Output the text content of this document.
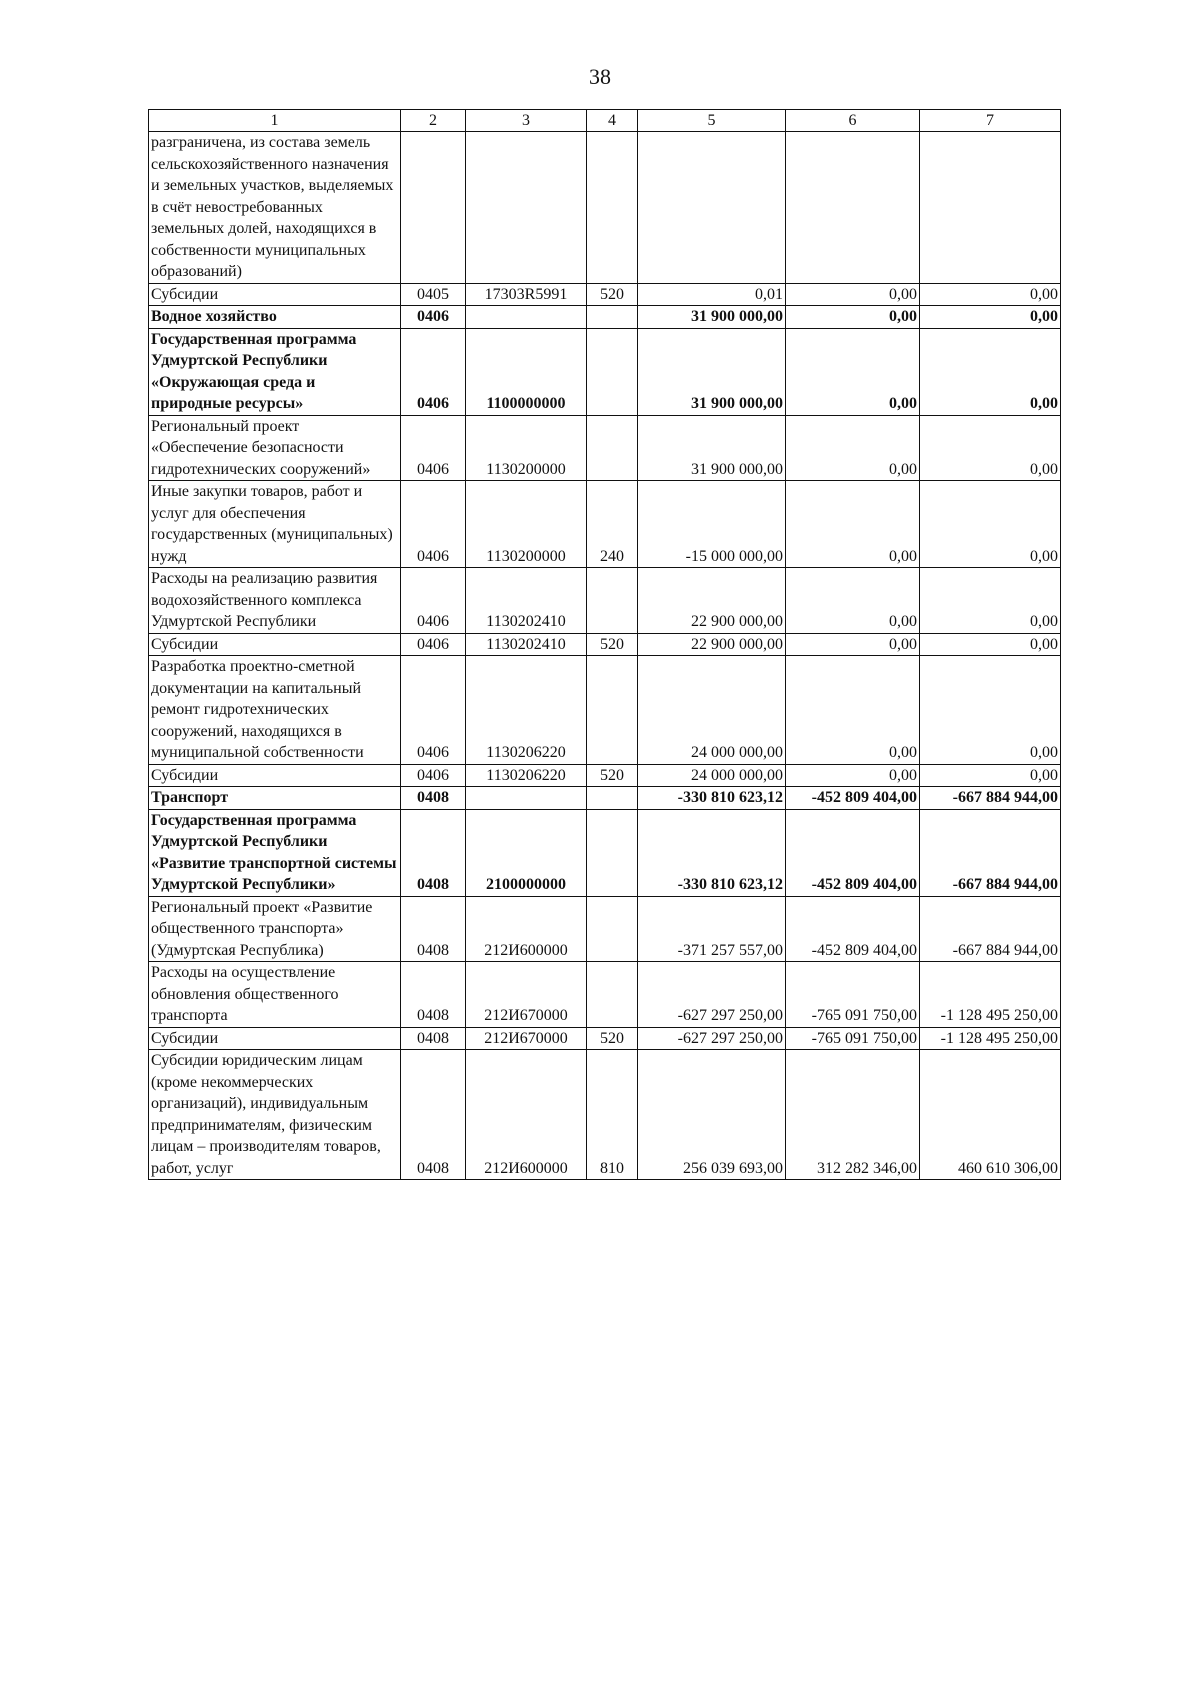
38
1	2	3	4	5	6	7
разграничена, из состава земель сельскохозяйственного назначения и земельных участков, выделяемых в счёт невостребованных земельных долей, находящихся в собственности муниципальных образований)						
Субсидии	0405	17303R5991	520	0,01	0,00	0,00
Водное хозяйство	0406			31 900 000,00	0,00	0,00
Государственная программа Удмуртской Республики «Окружающая среда и природные ресурсы»	0406	1100000000		31 900 000,00	0,00	0,00
Региональный проект «Обеспечение безопасности гидротехнических сооружений»	0406	1130200000		31 900 000,00	0,00	0,00
Иные закупки товаров, работ и услуг для обеспечения государственных (муниципальных) нужд	0406	1130200000	240	-15 000 000,00	0,00	0,00
Расходы на реализацию развития водохозяйственного комплекса Удмуртской Республики	0406	1130202410		22 900 000,00	0,00	0,00
Субсидии	0406	1130202410	520	22 900 000,00	0,00	0,00
Разработка проектно-сметной документации на капитальный ремонт гидротехнических сооружений, находящихся в муниципальной собственности	0406	1130206220		24 000 000,00	0,00	0,00
Субсидии	0406	1130206220	520	24 000 000,00	0,00	0,00
Транспорт	0408			-330 810 623,12	-452 809 404,00	-667 884 944,00
Государственная программа Удмуртской Республики «Развитие транспортной системы Удмуртской Республики»	0408	2100000000		-330 810 623,12	-452 809 404,00	-667 884 944,00
Региональный проект «Развитие общественного транспорта» (Удмуртская Республика)	0408	212И600000		-371 257 557,00	-452 809 404,00	-667 884 944,00
Расходы на осуществление обновления общественного транспорта	0408	212И670000		-627 297 250,00	-765 091 750,00	-1 128 495 250,00
Субсидии	0408	212И670000	520	-627 297 250,00	-765 091 750,00	-1 128 495 250,00
Субсидии юридическим лицам (кроме некоммерческих организаций), индивидуальным предпринимателям, физическим лицам – производителям товаров, работ, услуг	0408	212И600000	810	256 039 693,00	312 282 346,00	460 610 306,00
